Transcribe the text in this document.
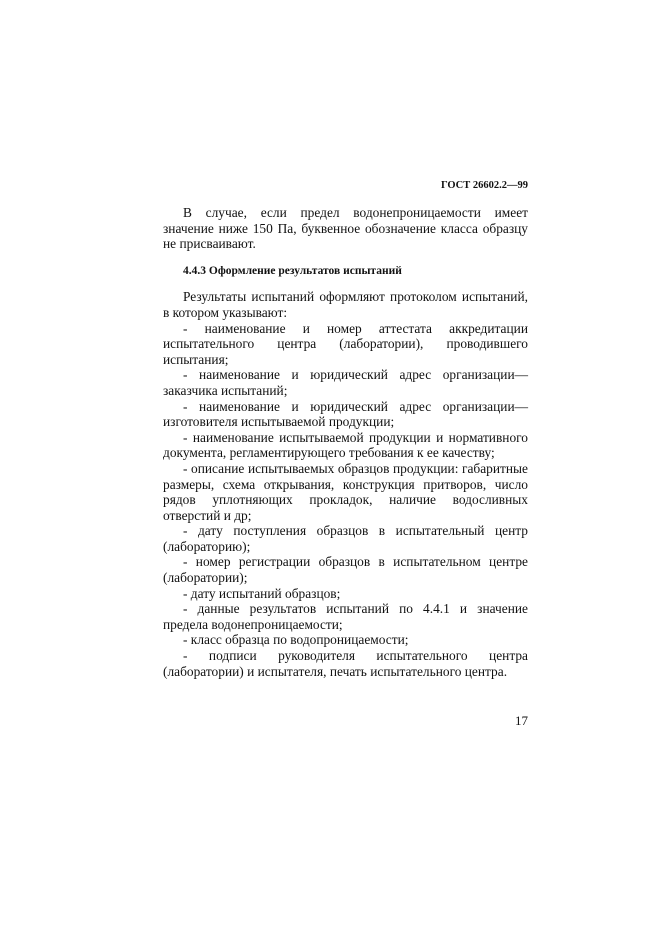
ГОСТ 26602.2—99

В случае, если предел водонепроницаемости имеет значение ниже 150 Па, буквенное обозначение класса образцу не присваивают.

4.4.3 Оформление результатов испытаний

Результаты испытаний оформляют протоколом испытаний, в котором указывают:

- наименование и номер аттестата аккредитации испытательного центра (лаборатории), проводившего испытания;

- наименование и юридический адрес организации—заказчика испытаний;

- наименование и юридический адрес организации—изготовителя испытываемой продукции;

- наименование испытываемой продукции и нормативного документа, регламентирующего требования к ее качеству;

- описание испытываемых образцов продукции: габаритные размеры, схема открывания, конструкция притворов, число рядов уплотняющих прокладок, наличие водосливных отверстий и др;

- дату поступления образцов в испытательный центр (лабораторию);

- номер регистрации образцов в испытательном центре (лаборатории);

- дату испытаний образцов;

- данные результатов испытаний по 4.4.1 и значение предела водонепроницаемости;

- класс образца по водопроницаемости;

- подписи руководителя испытательного центра (лаборатории) и испытателя, печать испытательного центра.

17
